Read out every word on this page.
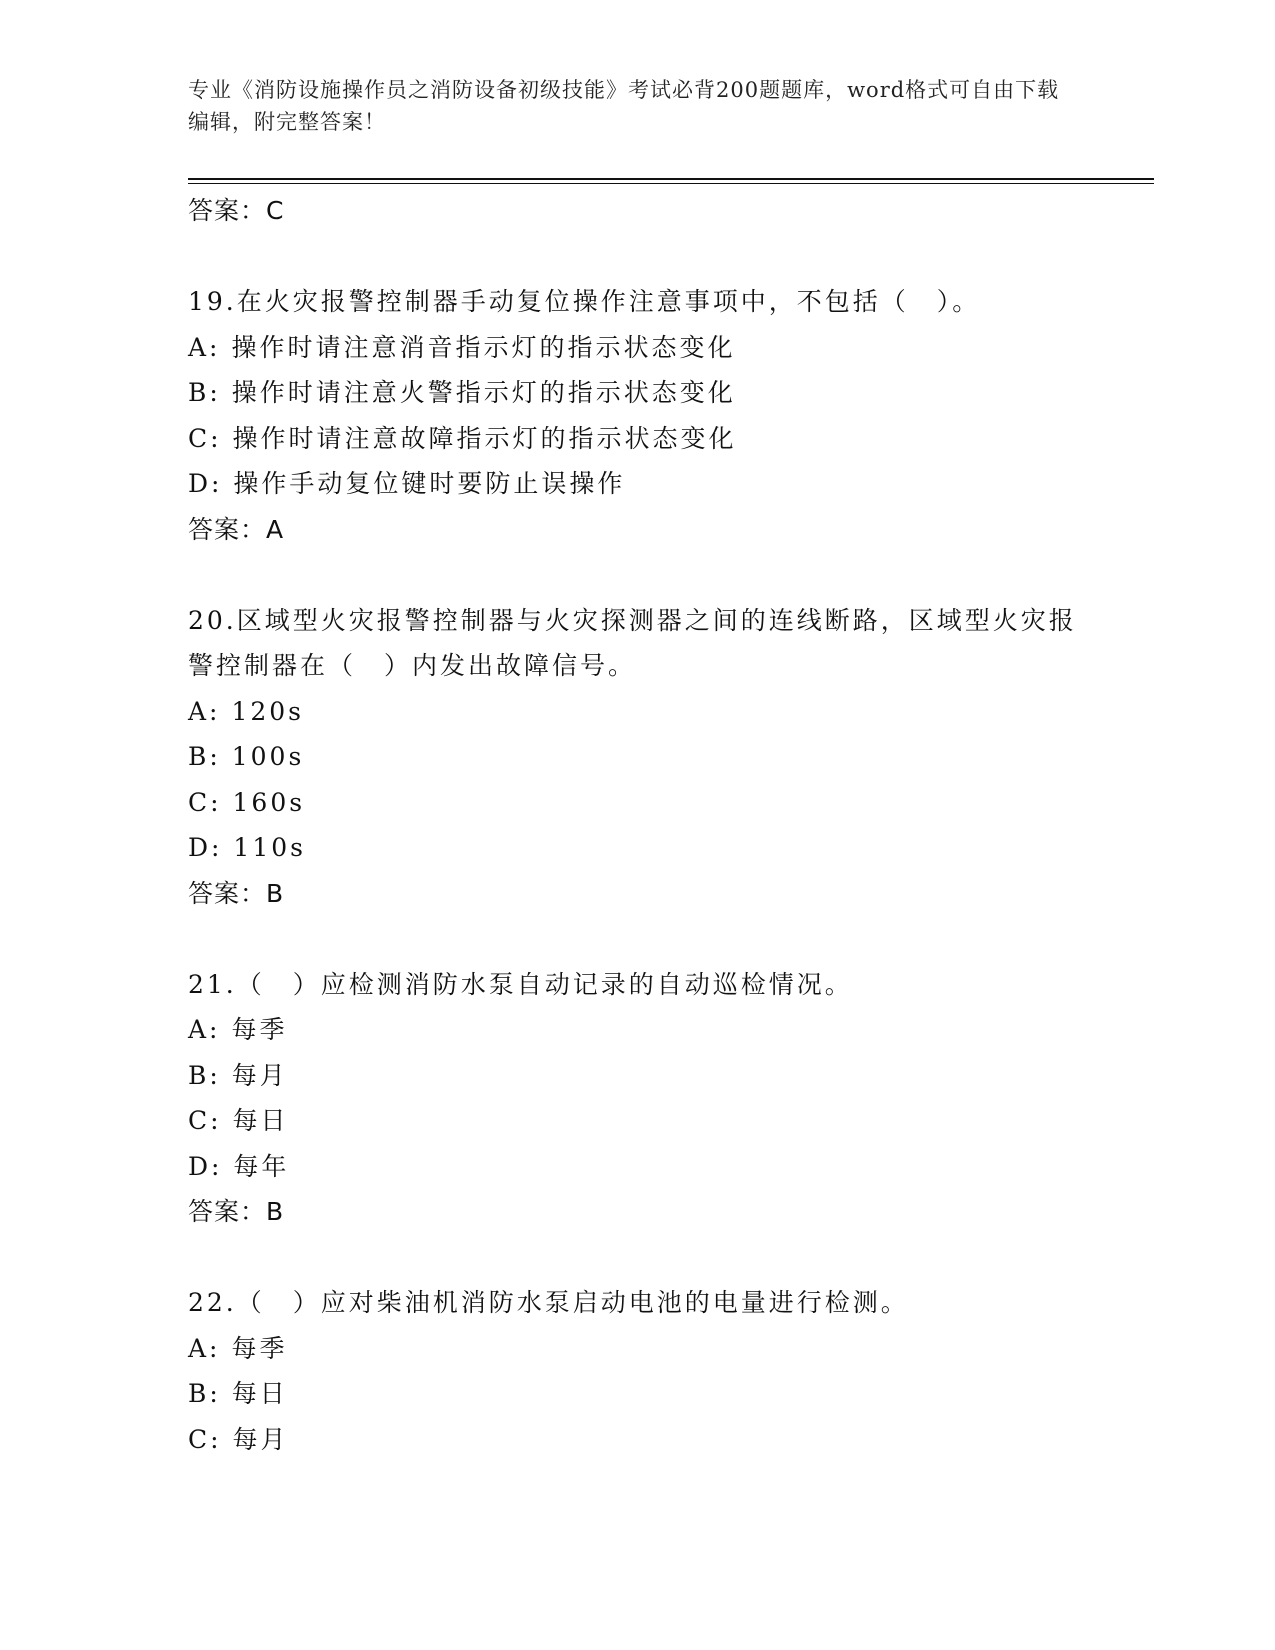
专业《消防设施操作员之消防设备初级技能》考试必背200题题库，word格式可自由下载编辑，附完整答案！
答案：C
19.在火灾报警控制器手动复位操作注意事项中，不包括（　）。
A: 操作时请注意消音指示灯的指示状态变化
B: 操作时请注意火警指示灯的指示状态变化
C: 操作时请注意故障指示灯的指示状态变化
D: 操作手动复位键时要防止误操作
答案：A
20.区域型火灾报警控制器与火灾探测器之间的连线断路，区域型火灾报警控制器在（　）内发出故障信号。
A: 120s
B: 100s
C: 160s
D: 110s
答案：B
21.（　）应检测消防水泵自动记录的自动巡检情况。
A: 每季
B: 每月
C: 每日
D: 每年
答案：B
22.（　）应对柴油机消防水泵启动电池的电量进行检测。
A: 每季
B: 每日
C: 每月
